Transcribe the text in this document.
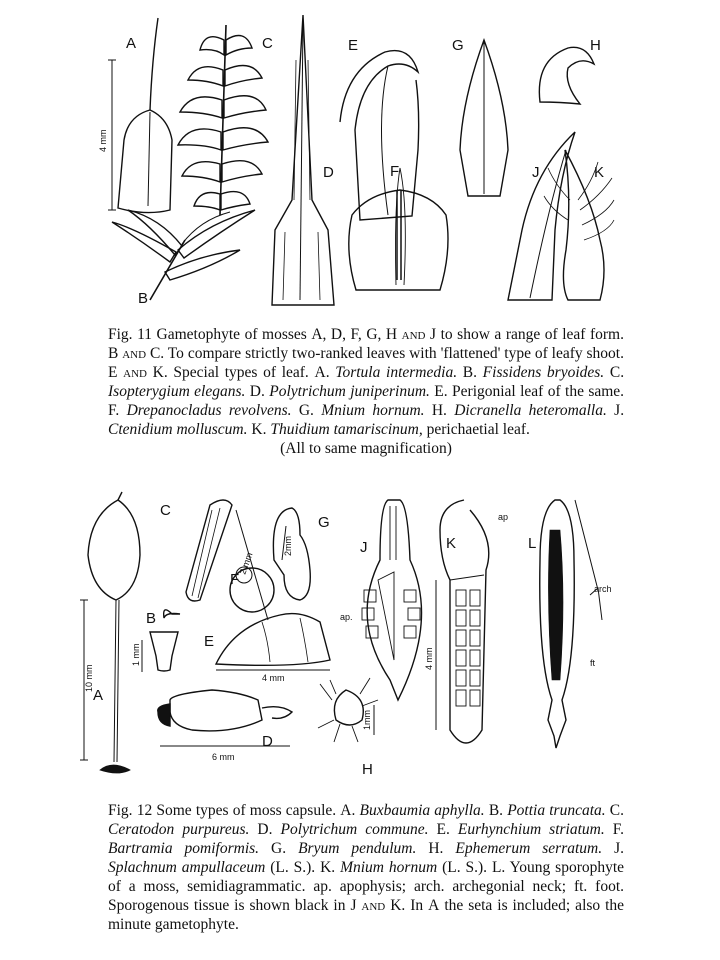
A
4 mm
B
C
D
E
F
G	H
J	K

Fig. 11 Gametophyte of mosses A, D, F, G, H and J to show a range of leaf form. B and C. To compare strictly two-ranked leaves with 'flattened' type of leafy shoot. E and K. Special types of leaf. A. Tortula intermedia. B. Fissidens bryoides. C. Isopterygium elegans. D. Polytrichum juniperinum. E. Perigonial leaf of the same. F. Drepanocladus revolvens. G. Mnium hornum. H. Dicranella heteromalla. J. Ctenidium molluscum. K. Thuidium tamariscinum, perichaetial leaf.

(All to same magnification)

10 mm
A
1 mm
B
2 mm
C
F
2mm
G
4 mm
E
6 mm
D
1mm
H
J
ap.
4 mm
K
ap
L
arch
ft

Fig. 12 Some types of moss capsule. A. Buxbaumia aphylla. B. Pottia truncata. C. Ceratodon purpureus. D. Polytrichum commune. E. Eurhynchium striatum. F. Bartramia pomiformis. G. Bryum pendulum. H. Ephemerum serratum. J. Splachnum ampullaceum (L. S.). K. Mnium hornum (L. S.). L. Young sporophyte of a moss, semidiagrammatic. ap. apophysis; arch. archegonial neck; ft. foot. Sporogenous tissue is shown black in J and K. In A the seta is included; also the minute gametophyte.
